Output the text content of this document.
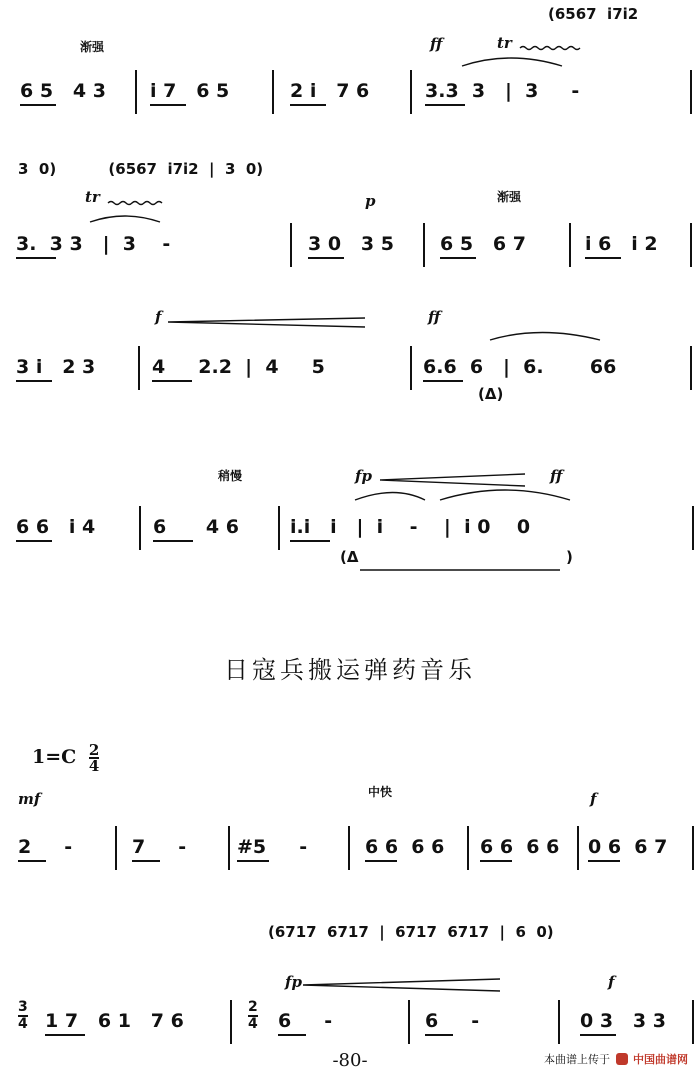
6 5   4 3 i 7   6 5	2 i   7 6	3.3  3   |  3     -
渐强	ff	tr
(6567  i7i2
3.  3 3   |  3    -	3 0   3 5 6 5   6 7	i 6   i 2
tr	p	渐强
3  0)          (6567  i7i2  |  3  0)
3 i   2 3	4     2.2  |  4     5	6.6  6   |  6.       66
f	ff
(Δ)
6 6   i 4	6      4 6	i.i   i   |  i    -    |  i 0    0
稍慢	fp	ff
(Δ	)
2     -	7     -	#5     -	6 6  6 6 6 6  6 6 0 6  6 7
mf	中快	f
1 7   6 1   7 6	6     -	6     -	0 3   3 3
fp	f
(6717  6717  |  6717  6717  |  6  0)
3
4
2
4
日寇兵搬运弹药音乐
$1=C \frac{2}{4}$
-80-	本曲谱上传于 中国曲谱网
